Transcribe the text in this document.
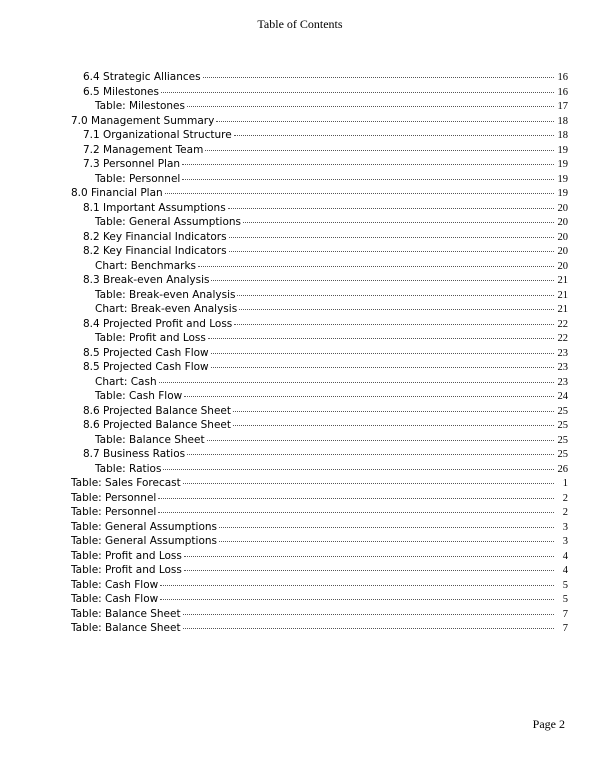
Table of Contents
6.4 Strategic Alliances	16
6.5 Milestones	16
Table: Milestones	17
7.0 Management Summary	18
7.1 Organizational Structure	18
7.2 Management Team	19
7.3 Personnel Plan	19
Table: Personnel	19
8.0 Financial Plan	19
8.1 Important Assumptions	20
Table: General Assumptions	20
8.2 Key Financial Indicators	20
8.2 Key Financial Indicators	20
Chart: Benchmarks	20
8.3 Break-even Analysis	21
Table: Break-even Analysis	21
Chart: Break-even Analysis	21
8.4 Projected Profit and Loss	22
Table: Profit and Loss	22
8.5 Projected Cash Flow	23
8.5 Projected Cash Flow	23
Chart: Cash	23
Table: Cash Flow	24
8.6 Projected Balance Sheet	25
8.6 Projected Balance Sheet	25
Table: Balance Sheet	25
8.7 Business Ratios	25
Table: Ratios	26
Table: Sales Forecast	1
Table: Personnel	2
Table: Personnel	2
Table: General Assumptions	3
Table: General Assumptions	3
Table: Profit and Loss	4
Table: Profit and Loss	4
Table: Cash Flow	5
Table: Cash Flow	5
Table: Balance Sheet	7
Table: Balance Sheet	7
Page 2
